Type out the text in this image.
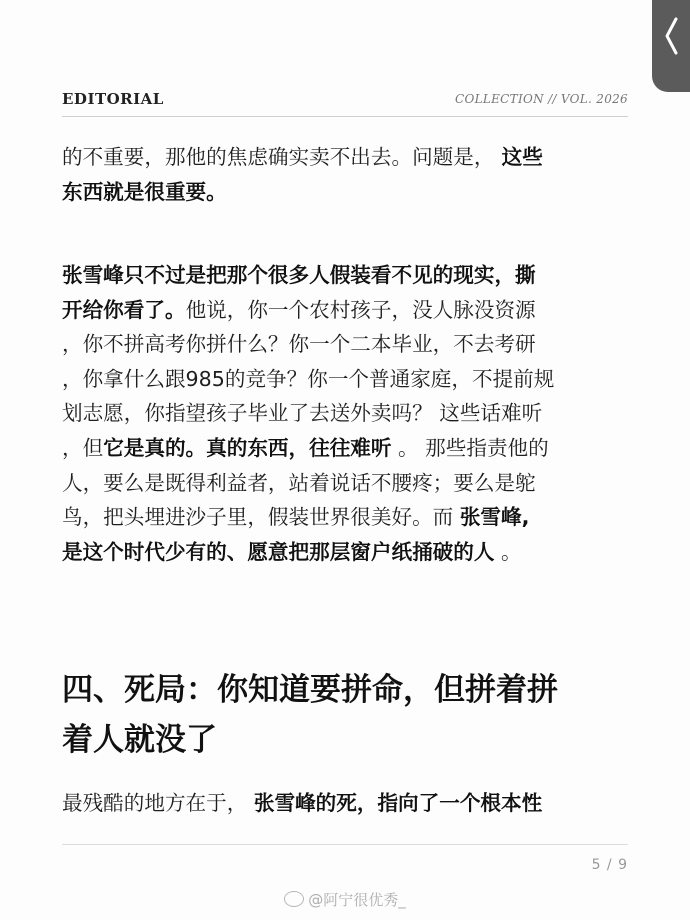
EDITORIAL	COLLECTION // VOL. 2026
的不重要，那他的焦虑确实卖不出去。问题是， 这些
东西就是很重要。
张雪峰只不过是把那个很多人假装看不见的现实，撕
开给你看了。他说，你一个农村孩子，没人脉没资源
，你不拼高考你拼什么？你一个二本毕业，不去考研
，你拿什么跟985的竞争？你一个普通家庭，不提前规
划志愿，你指望孩子毕业了去送外卖吗？ 这些话难听
，但它是真的。真的东西，往往难听 。 那些指责他的
人，要么是既得利益者，站着说话不腰疼；要么是鸵
鸟，把头埋进沙子里，假装世界很美好。而 张雪峰,
是这个时代少有的、愿意把那层窗户纸捅破的人 。
四、死局：你知道要拼命，但拼着拼
着人就没了
最残酷的地方在于， 张雪峰的死，指向了一个根本性
5 / 9
@阿宁很优秀_
